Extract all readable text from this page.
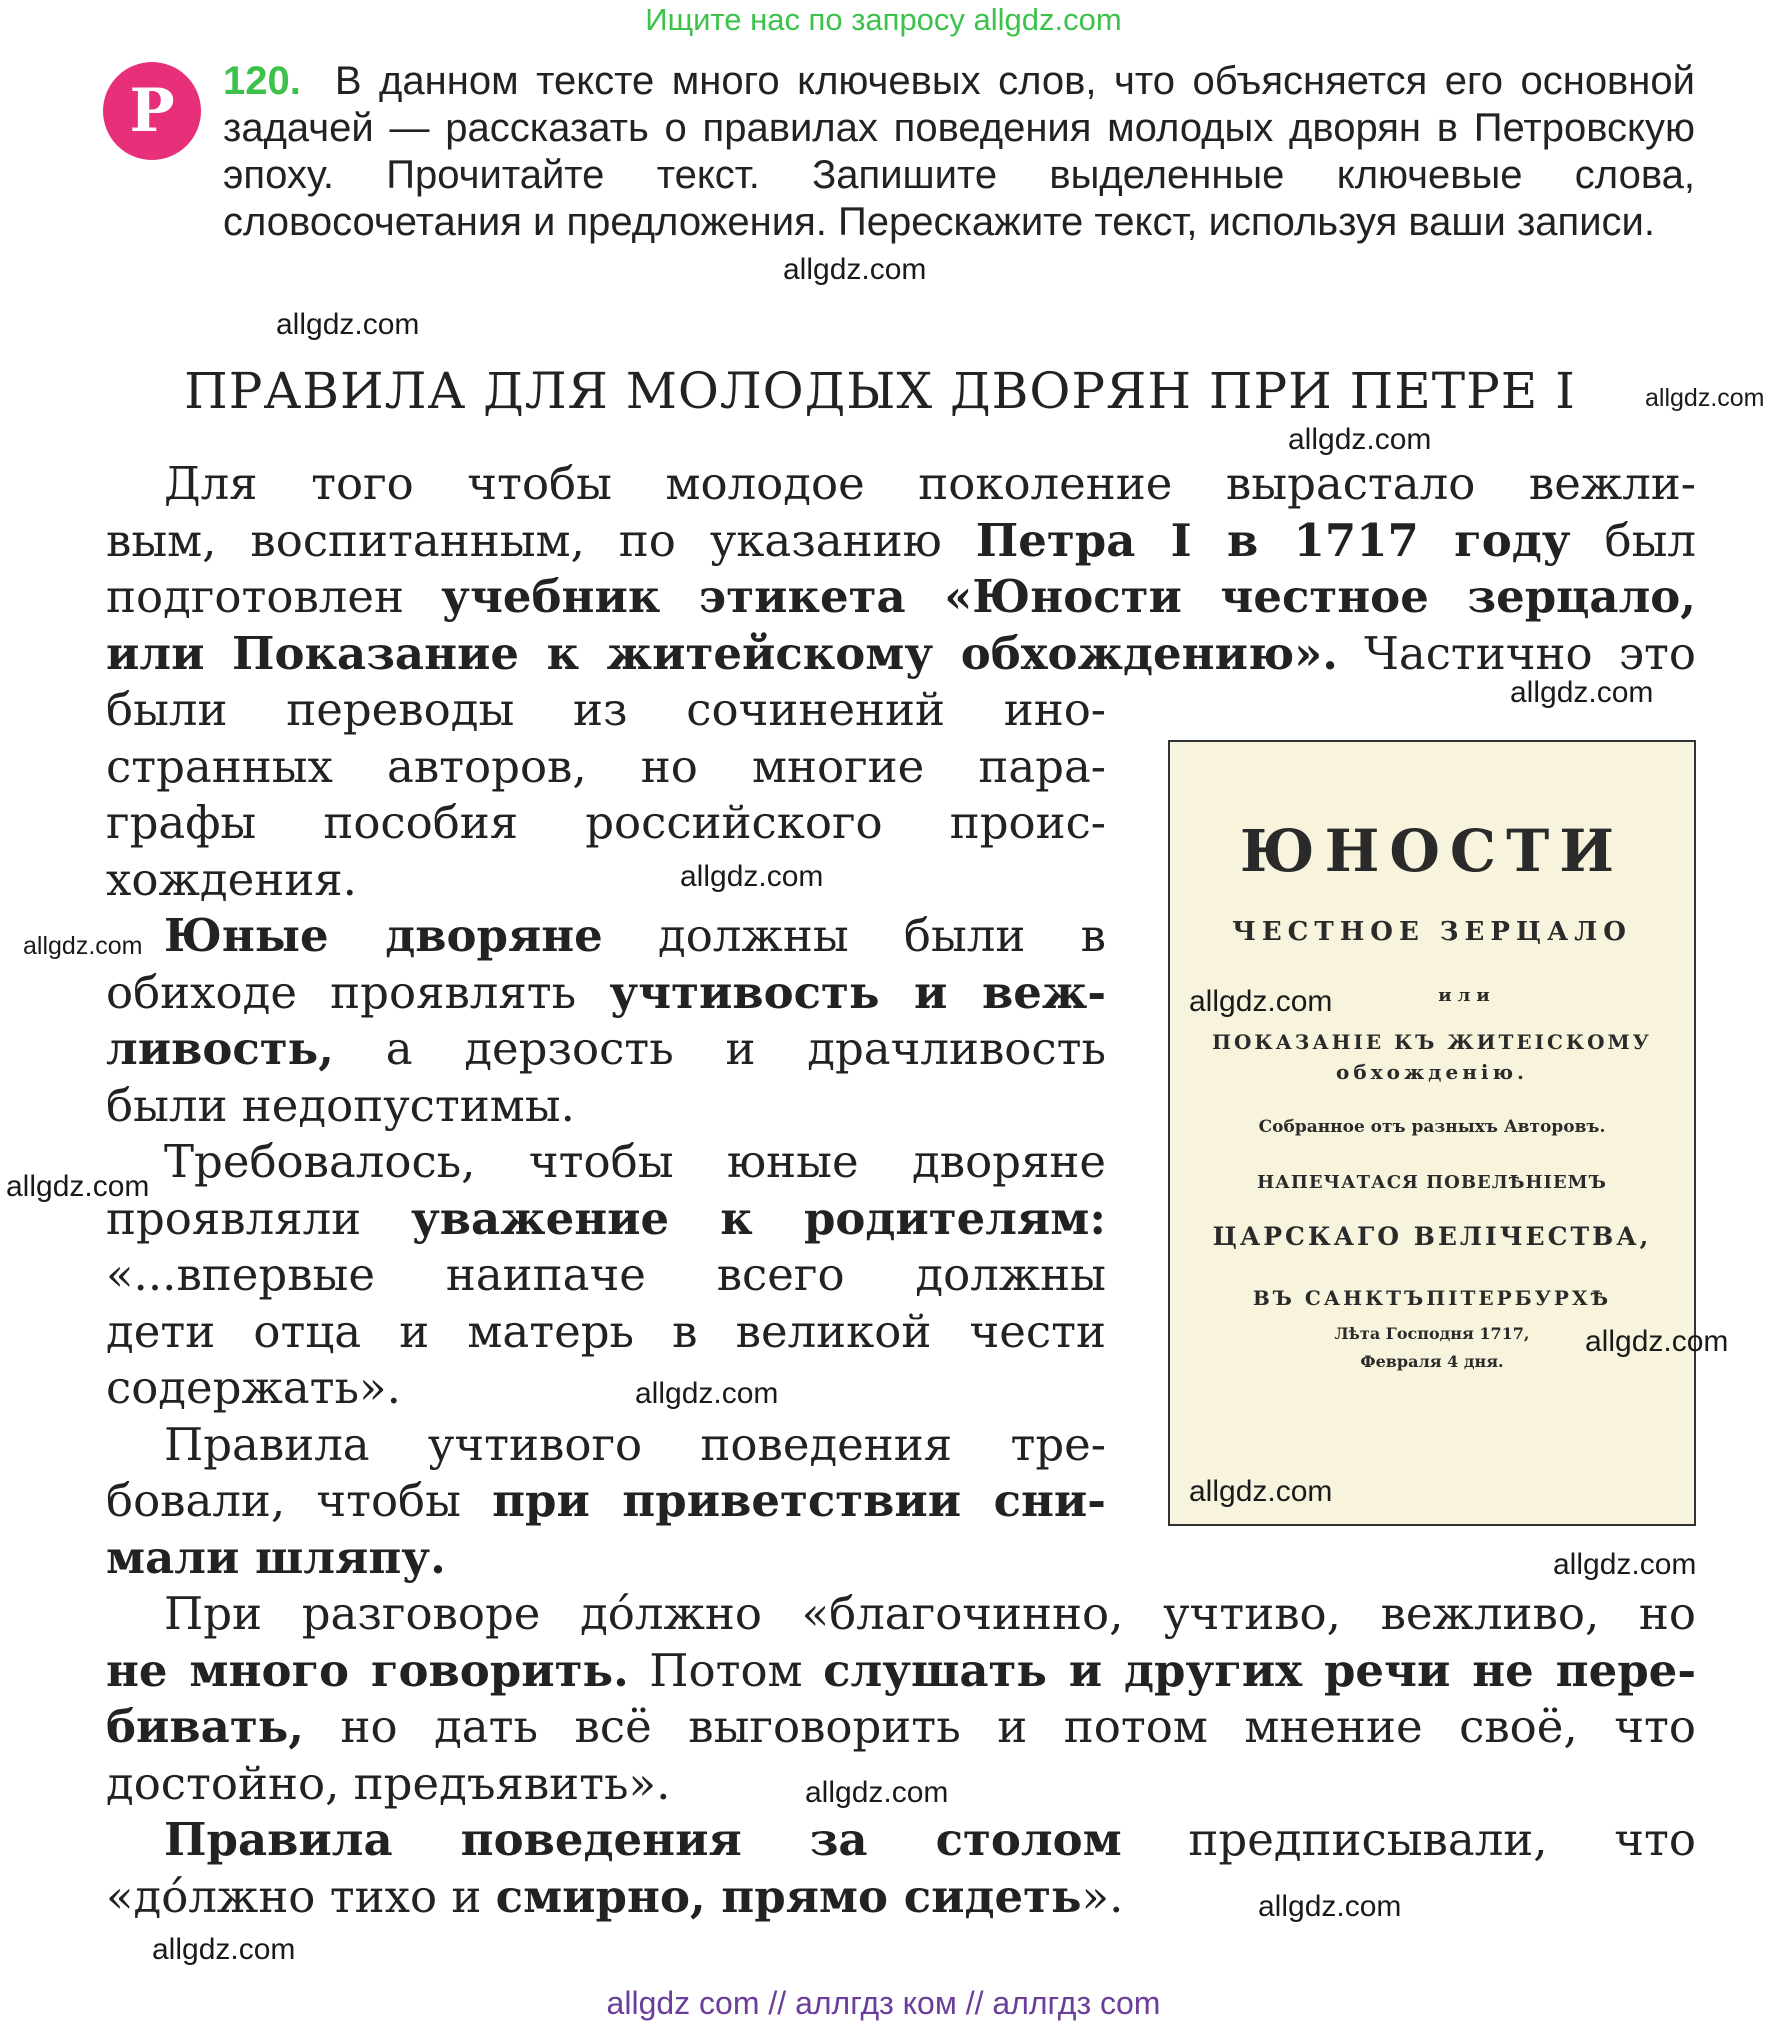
Ищите нас по запросу allgdz.com
Р	120. В данном тексте много ключевых слов, что объясняется его основной задачей — рассказать о правилах поведения молодых дворян в Петровскую эпоху. Прочитайте текст. Запишите выделенные ключевые слова, словосочетания и предложения. Перескажите текст, используя ваши записи.
ПРАВИЛА ДЛЯ МОЛОДЫХ ДВОРЯН ПРИ ПЕТРЕ I
Для того чтобы молодое поколение вырастало вежли-
вым, воспитанным, по указанию Петра I в 1717 году был
подготовлен учебник этикета «Юности честное зерцало,
или Показание к житейскому обхождению». Частично это
были переводы из сочинений ино-
странных авторов, но многие пара-
графы пособия российского проис-
хождения.
Юные дворяне должны были в
обиходе проявлять учтивость и веж-
ливость, а дерзость и драчливость
были недопустимы.
Требовалось, чтобы юные дворяне
проявляли уважение к родителям:
«...впервые наипаче всего должны
дети отца и матерь в великой чести
содержать».
Правила учтивого поведения тре-
бовали, чтобы при приветствии сни-
мали шляпу.
При разговоре до́лжно «благочинно, учтиво, вежливо, но
не много говорить. Потом слушать и других речи не пере-
бивать, но дать всё выговорить и потом мнение своё, что
достойно, предъявить».
Правила поведения за столом предписывали, что
«до́лжно тихо и смирно, прямо сидеть».
ЮНОСТИ
ЧЕСТНОЕ ЗЕРЦАЛО
или
ПОКАЗАНІЕ КЪ ЖИТЕІСКОМУ
обхожденію.
Собранное отъ разныхъ Авторовъ.
НАПЕЧАТАСЯ ПОВЕЛѢНІЕМЪ
ЦАРСКАГО ВЕЛІЧЕСТВА,
ВЪ САНКТЪПІТЕРБУРХѢ
Лѣта Господня 1717,
Февраля 4 дня.
allgdz.com
allgdz.com
allgdz.com
allgdz.com
allgdz.com
allgdz.com
allgdz.com
allgdz.com
allgdz.com
allgdz.com
allgdz.com
allgdz.com
allgdz.com
allgdz.com
allgdz.com
allgdz.com
allgdz com // аллгдз ком // аллгдз com
